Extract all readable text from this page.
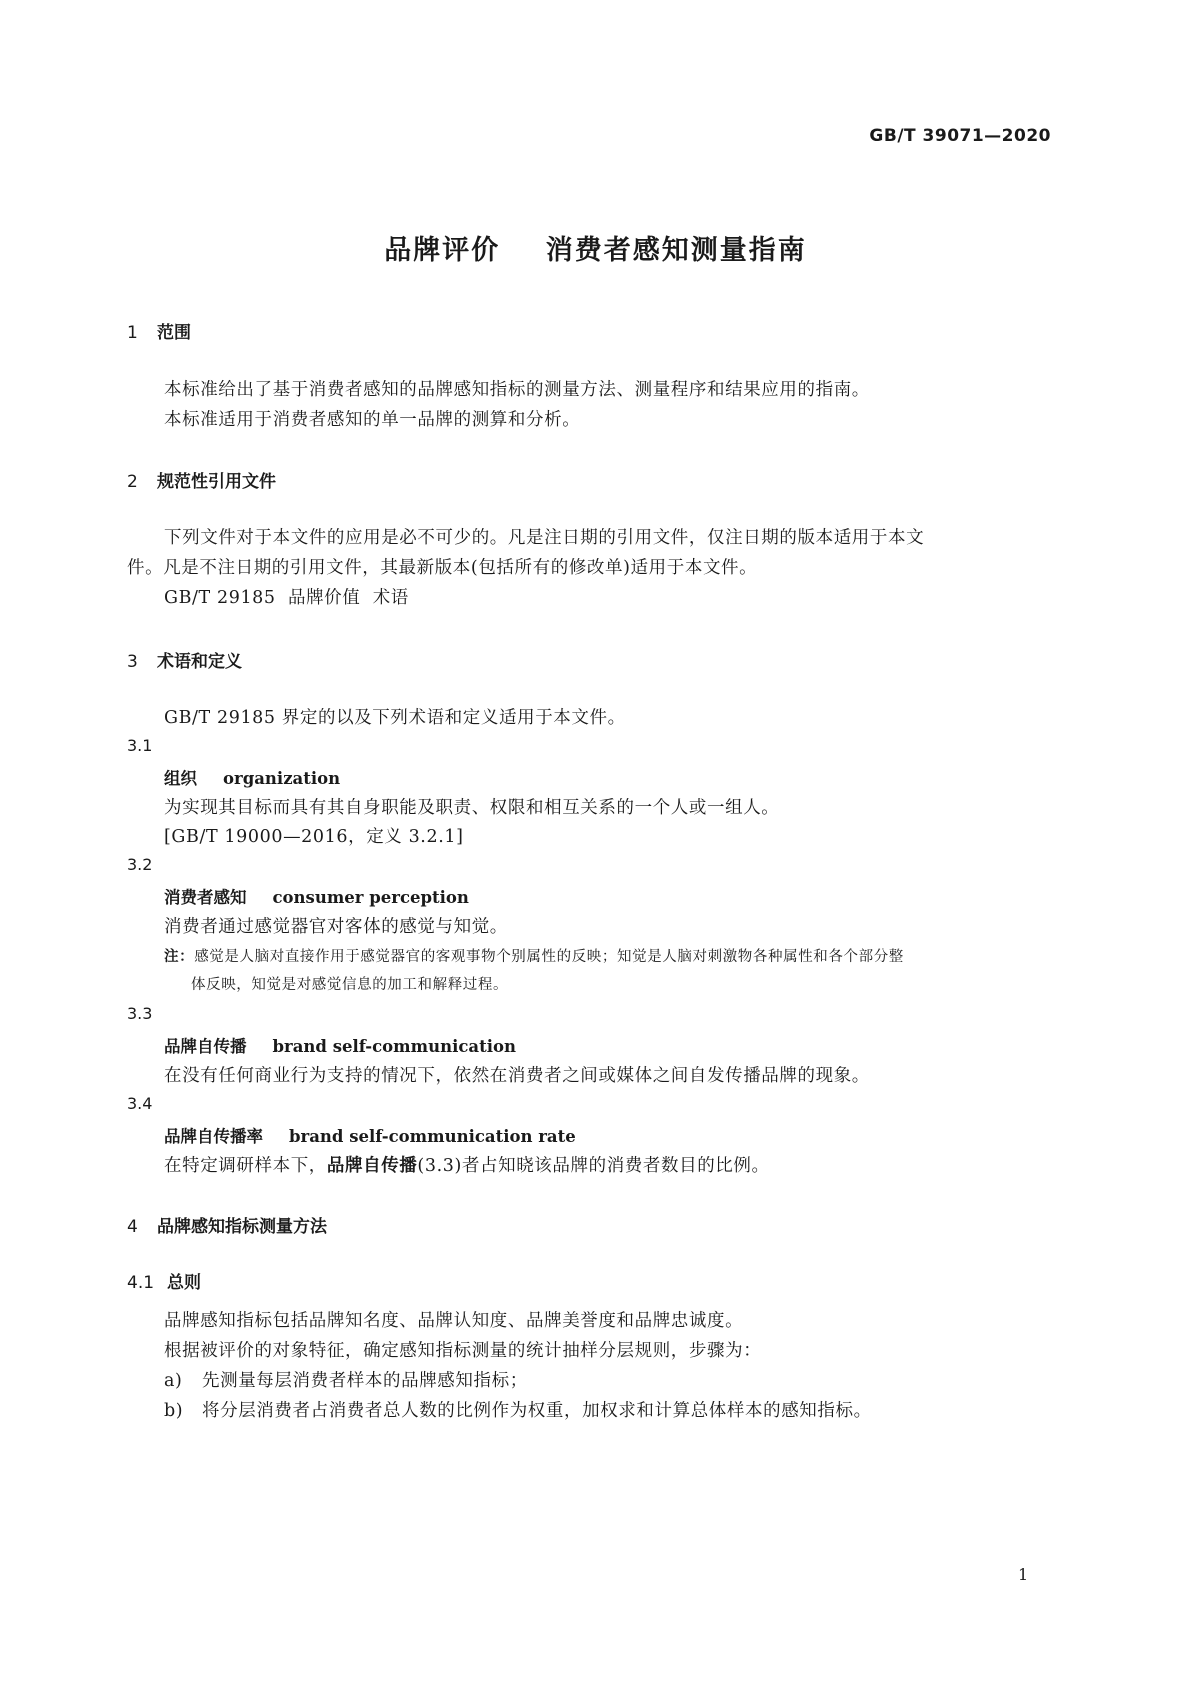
GB/T 39071—2020
品牌评价    消费者感知测量指南
1 范围
本标准给出了基于消费者感知的品牌感知指标的测量方法、测量程序和结果应用的指南。
本标准适用于消费者感知的单一品牌的测算和分析。
2 规范性引用文件
下列文件对于本文件的应用是必不可少的。凡是注日期的引用文件，仅注日期的版本适用于本文
件。凡是不注日期的引用文件，其最新版本(包括所有的修改单)适用于本文件。
GB/T 29185  品牌价值  术语
3 术语和定义
GB/T 29185 界定的以及下列术语和定义适用于本文件。
3.1
组织 organization
为实现其目标而具有其自身职能及职责、权限和相互关系的一个人或一组人。
[GB/T 19000—2016，定义 3.2.1]
3.2
消费者感知 consumer perception
消费者通过感觉器官对客体的感觉与知觉。
注：感觉是人脑对直接作用于感觉器官的客观事物个别属性的反映；知觉是人脑对刺激物各种属性和各个部分整
体反映，知觉是对感觉信息的加工和解释过程。
3.3
品牌自传播 brand self-communication
在没有任何商业行为支持的情况下，依然在消费者之间或媒体之间自发传播品牌的现象。
3.4
品牌自传播率 brand self-communication rate
在特定调研样本下，品牌自传播(3.3)者占知晓该品牌的消费者数目的比例。
4 品牌感知指标测量方法
4.1 总则
品牌感知指标包括品牌知名度、品牌认知度、品牌美誉度和品牌忠诚度。
根据被评价的对象特征，确定感知指标测量的统计抽样分层规则，步骤为：
a) 先测量每层消费者样本的品牌感知指标；
b) 将分层消费者占消费者总人数的比例作为权重，加权求和计算总体样本的感知指标。
1
